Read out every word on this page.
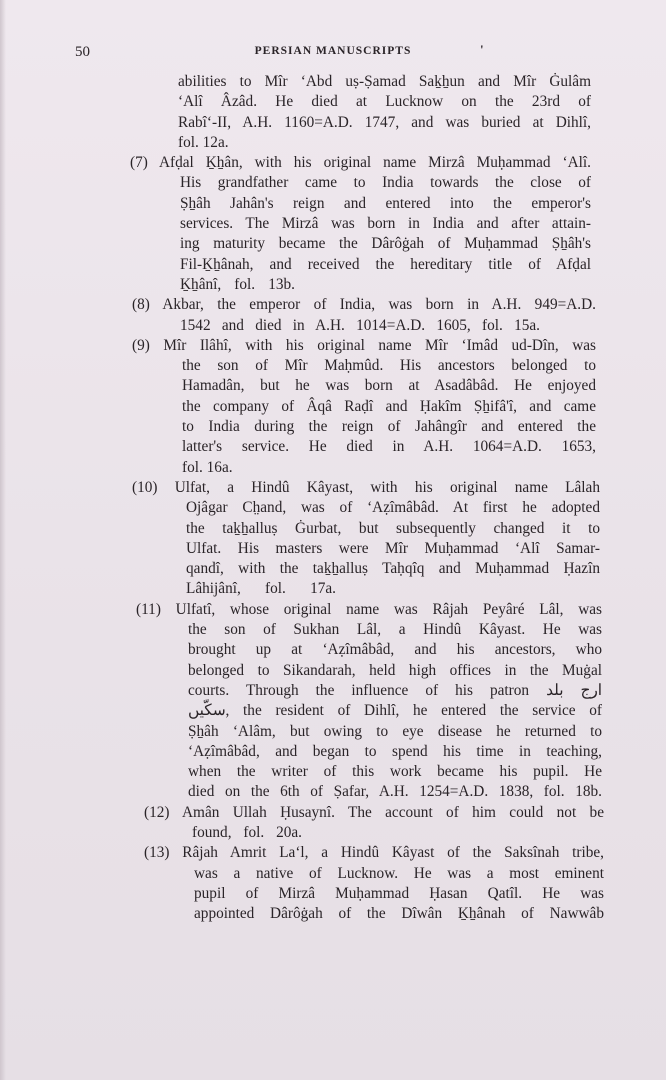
50	PERSIAN MANUSCRIPTS	'
abilities to Mîr ‘Abd uṣ-Ṣamad Saḵẖun and Mîr Ġulâm
‘Alî Âzâd. He died at Lucknow on the 23rd of
Rabî‘-II, A.H. 1160=A.D. 1747, and was buried at Dihlî,
fol. 12a.
(7) Afḍal Ḵẖân, with his original name Mirzâ Muḥammad ‘Alî.
His grandfather came to India towards the close of
Ṣẖâh Jahân's reign and entered into the emperor's
services. The Mirzâ was born in India and after attain-
ing maturity became the Dârôġah of Muḥammad Ṣẖâh's
Fil-Ḵẖânah, and received the hereditary title of Afḍal
Ḵẖânî, fol. 13b.
(8) Akbar, the emperor of India, was born in A.H. 949=A.D.
1542 and died in A.H. 1014=A.D. 1605, fol. 15a.
(9) Mîr Ilâhî, with his original name Mîr ‘Imâd ud-Dîn, was
the son of Mîr Maḥmûd. His ancestors belonged to
Hamadân, but he was born at Asadâbâd. He enjoyed
the company of Âqâ Raḍî and Ḥakîm Ṣẖifâ'î, and came
to India during the reign of Jahângîr and entered the
latter's service. He died in A.H. 1064=A.D. 1653,
fol. 16a.
(10) Ulfat, a Hindû Kâyast, with his original name Lâlah
Ojâgar Ch̤and, was of ‘Aẓîmâbâd. At first he adopted
the taḵẖalluṣ Ġurbat, but subsequently changed it to
Ulfat. His masters were Mîr Muḥammad ‘Alî Samar-
qandî, with the taḵẖalluṣ Taḥqîq and Muḥammad Ḥazîn
Lâhijânî, fol. 17a.
(11) Ulfatî, whose original name was Râjah Peyâré Lâl, was
the son of Sukhan Lâl, a Hindû Kâyast. He was
brought up at ‘Aẓîmâbâd, and his ancestors, who
belonged to Sikandarah, held high offices in the Muġal
courts. Through the influence of his patron ارج بلد
سکّیں, the resident of Dihlî, he entered the service of
Ṣẖâh ‘Alâm, but owing to eye disease he returned to
‘Aẓîmâbâd, and began to spend his time in teaching,
when the writer of this work became his pupil. He
died on the 6th of Ṣafar, A.H. 1254=A.D. 1838, fol. 18b.
(12) Amân Ullah Ḥusaynî. The account of him could not be
found, fol. 20a.
(13) Râjah Amrit La‘l, a Hindû Kâyast of the Saksînah tribe,
was a native of Lucknow. He was a most eminent
pupil of Mirzâ Muḥammad Ḥasan Qatîl. He was
appointed Dârôġah of the Dîwân Ḵẖânah of Nawwâb
